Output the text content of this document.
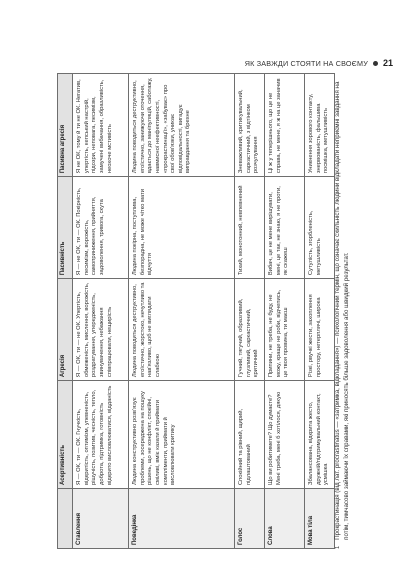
ЯК ЗАВЖДИ СТОЯТИ НА СВОЄМУ 21
	Асертивність	Агресія	Пасивність	Пасивна агресія
Ставлення	Я — ОК, ти — ОК. Гнучкість, відкритість, оптимізм, упевненість, рішучість, позитив, чесність, тепло, доброта, підтримка, готовність відкрито висловлюватися, відданість	Я — ОК, ти — не ОК. Упертість, обмеженість, мислення, ворожість, роздратування, упередженість, звинувачення, небажання співпрацювати, нещирість	Я — не ОК, ти — ОК. Покірність, песимізм, ворожість, самоприниження, прийняття, задоволення, тривога, скута	Я не ОК, тому й ти не ОК. Негатив, упертість, кепський настрій, підозри, неповага, песимізм, замучені вибачання, образливість, неохоче мстивість
Поведінка	Людина конструктивно розв'язує проблеми, зосереджена на пошуку рішень, що не конфлікт, спокійні, сміливі, вміє казати й приймати компліменти, приймати й висловлювати критику	Людина поводиться деструктивно, егоїстично, жорстоко, нечутливо та нав'язливо, щоб не виглядати слабкою	Людина покірна, поступлива, безпорадна, не може чітко мати відчуття	Людина поводиться деструктивно, егоїстично, занижуючи оточення, вдається до маніпуляцій, саботажу, навмисної неефективності, «прокрастинації», «забуває» про свої обов'язки, уникає відповідальності, вигадує виправдання та брехне
Голос	Спокійний та рівний, щирий, підлаштований	Гучний, тягучий, образливий, глузливий, саркастичний, критичний	Тихий, монотонний, невпевнений	Зневажливий, критикувальний, саркастичний, з відтінком розчулування
Слова	Що ви робитимете? Що думаєте? Мені треба, мені б хотілося, дякую	Припини, не треба, не буду, не можу, краще не роби, відчепись, це твоя провина, ти маєш	Вибач, це не мене вирішувати, мені, це так, не знаю, я не проти, як скажеш	Ці ж у теперішнього, що це не справа, не мене, я ж на це заначив
Мова тіла	Збалансована, відкрита жесто, дружній/підтримувальний контакт, усмішка	Різкі, рвучкі жести, захоплення простору, нетерплячі, широка	Сутулість, згорбленість, метушливість	Уникнення зорового контакту, знервованість, фальшива посмішка, метушливість

1
Прокрастинація (від лат. procrastinatus — «затримка, відкладання») — психологічний термін, що означає схильність людини відкладати неприємні завдання на потім, тимчасово займаючи їх справами, які приносять більше задоволення або швидкий результат.
